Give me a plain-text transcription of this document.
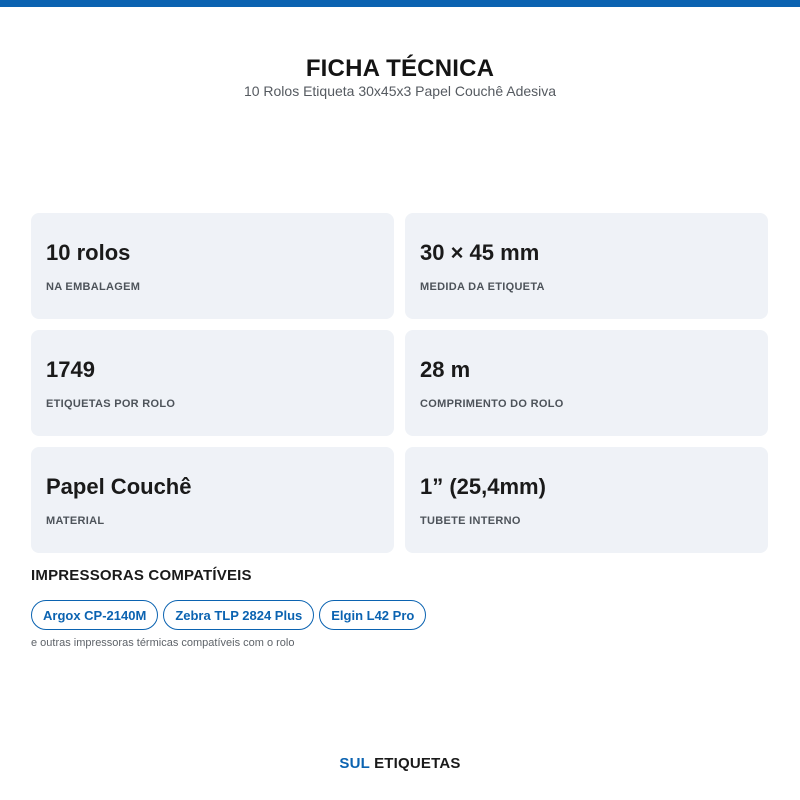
FICHA TÉCNICA
10 Rolos Etiqueta 30x45x3 Papel Couchê Adesiva
10 rolos
NA EMBALAGEM
30 × 45 mm
MEDIDA DA ETIQUETA
1749
ETIQUETAS POR ROLO
28 m
COMPRIMENTO DO ROLO
Papel Couchê
MATERIAL
1” (25,4mm)
TUBETE INTERNO
IMPRESSORAS COMPATÍVEIS
Argox CP-2140M	Zebra TLP 2824 Plus	Elgin L42 Pro
e outras impressoras térmicas compatíveis com o rolo
SUL ETIQUETAS
